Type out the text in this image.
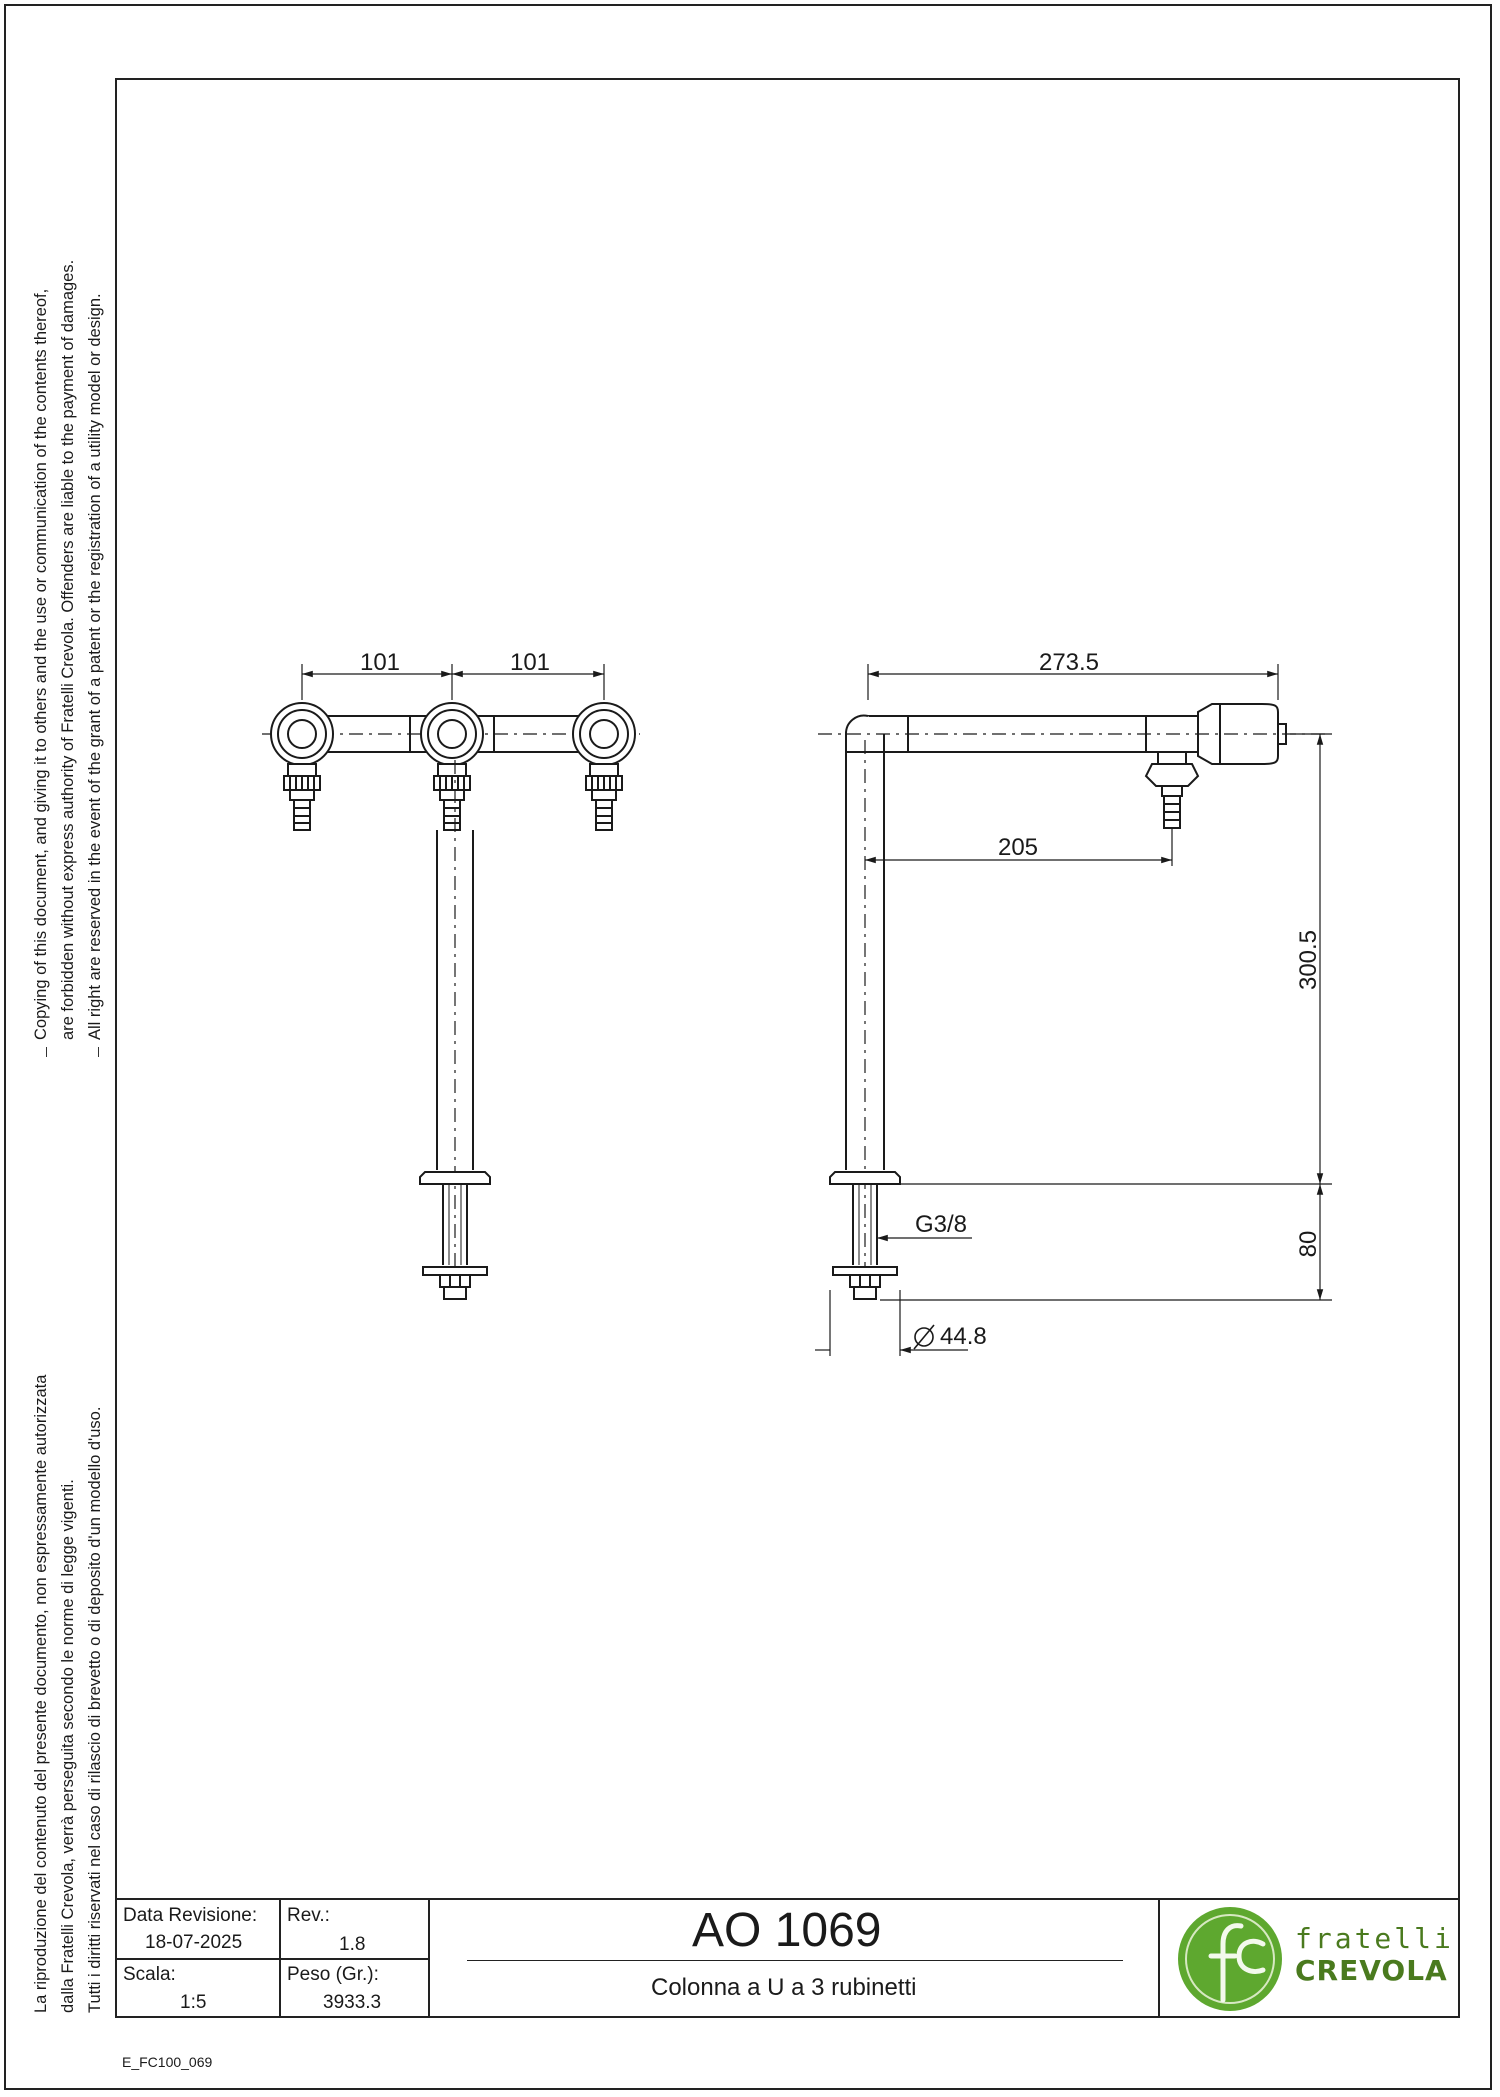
Copying of this document, and giving it to others and the use or communication of the contents thereof, are forbidden without express authority of Fratelli Crevola. Offenders are liable to the payment of damages. All right are reserved in the event of the grant of a patent or the registration of a utility model or design.
La riproduzione del contenuto del presente documento, non espressamente autorizzata dalla Fratelli Crevola, verrà perseguita secondo le norme di legge vigenti. Tutti i diritti riservati nel caso di rilascio di brevetto o di deposito d'un modello d'uso.
101	101	273.5
205
300.5
80
G3/8
44.8
Data Revisione:
18-07-2025
Rev.:
1.8
Scala:
1:5
Peso (Gr.):
3933.3
AO 1069
Colonna a U a 3 rubinetti
fratelli
CREVOLA
E_FC100_069
